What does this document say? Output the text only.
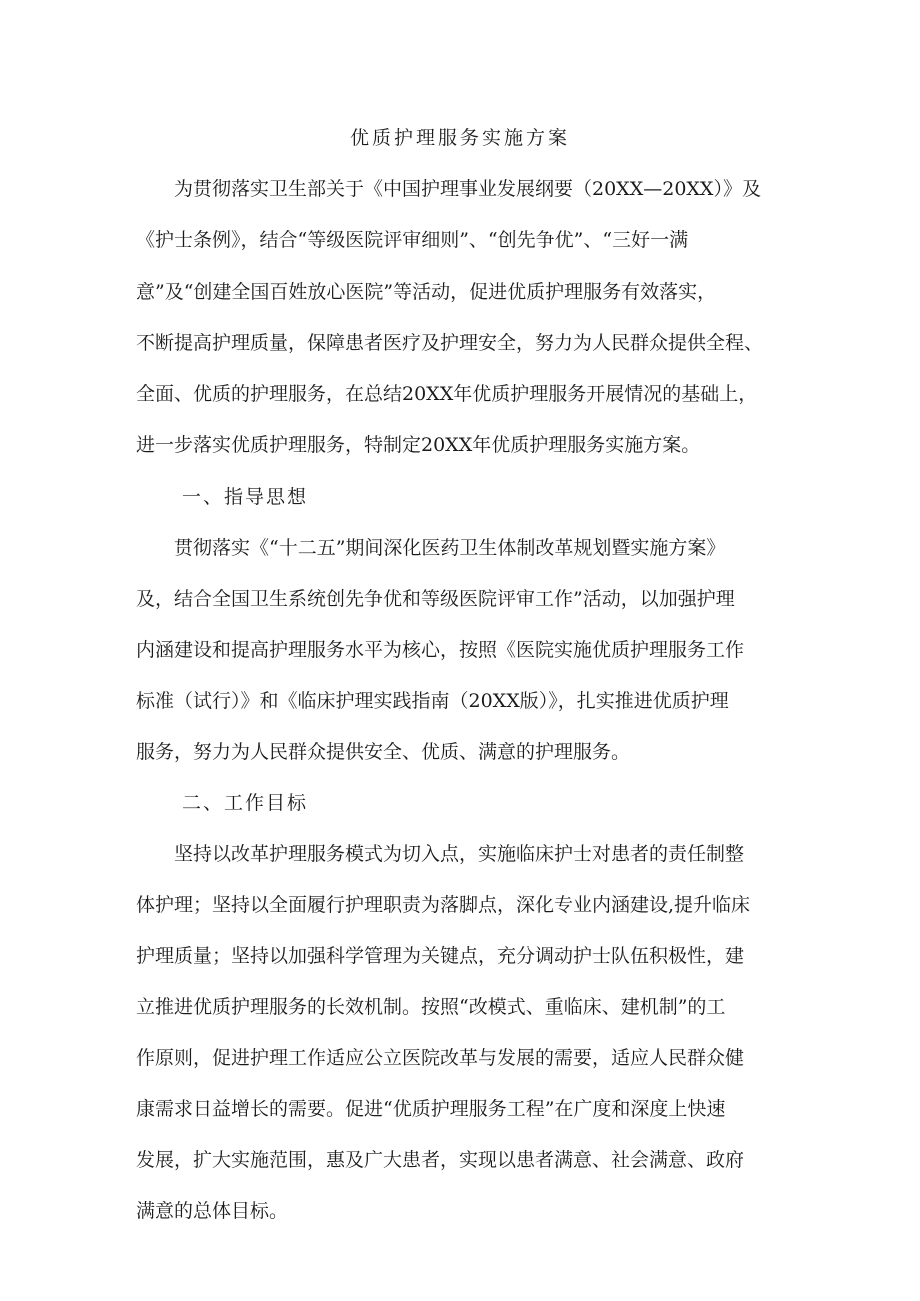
优质护理服务实施方案
　　为贯彻落实卫生部关于《中国护理事业发展纲要（20XX—20XX）》及
《护士条例》，结合“等级医院评审细则”、“创先争优”、“三好一满
意”及“创建全国百姓放心医院”等活动，促进优质护理服务有效落实，
不断提高护理质量，保障患者医疗及护理安全，努力为人民群众提供全程、
全面、优质的护理服务，在总结20XX年优质护理服务开展情况的基础上，
进一步落实优质护理服务，特制定20XX年优质护理服务实施方案。
一、指导思想
　　贯彻落实《“十二五”期间深化医药卫生体制改革规划暨实施方案》
及，结合全国卫生系统创先争优和等级医院评审工作”活动，以加强护理
内涵建设和提高护理服务水平为核心，按照《医院实施优质护理服务工作
标准（试行）》和《临床护理实践指南（20XX版）》，扎实推进优质护理
服务，努力为人民群众提供安全、优质、满意的护理服务。
二、工作目标
　　坚持以改革护理服务模式为切入点，实施临床护士对患者的责任制整
体护理；坚持以全面履行护理职责为落脚点，深化专业内涵建设,提升临床
护理质量；坚持以加强科学管理为关键点，充分调动护士队伍积极性，建
立推进优质护理服务的长效机制。按照“改模式、重临床、建机制”的工
作原则，促进护理工作适应公立医院改革与发展的需要，适应人民群众健
康需求日益增长的需要。促进“优质护理服务工程”在广度和深度上快速
发展，扩大实施范围，惠及广大患者，实现以患者满意、社会满意、政府
满意的总体目标。
